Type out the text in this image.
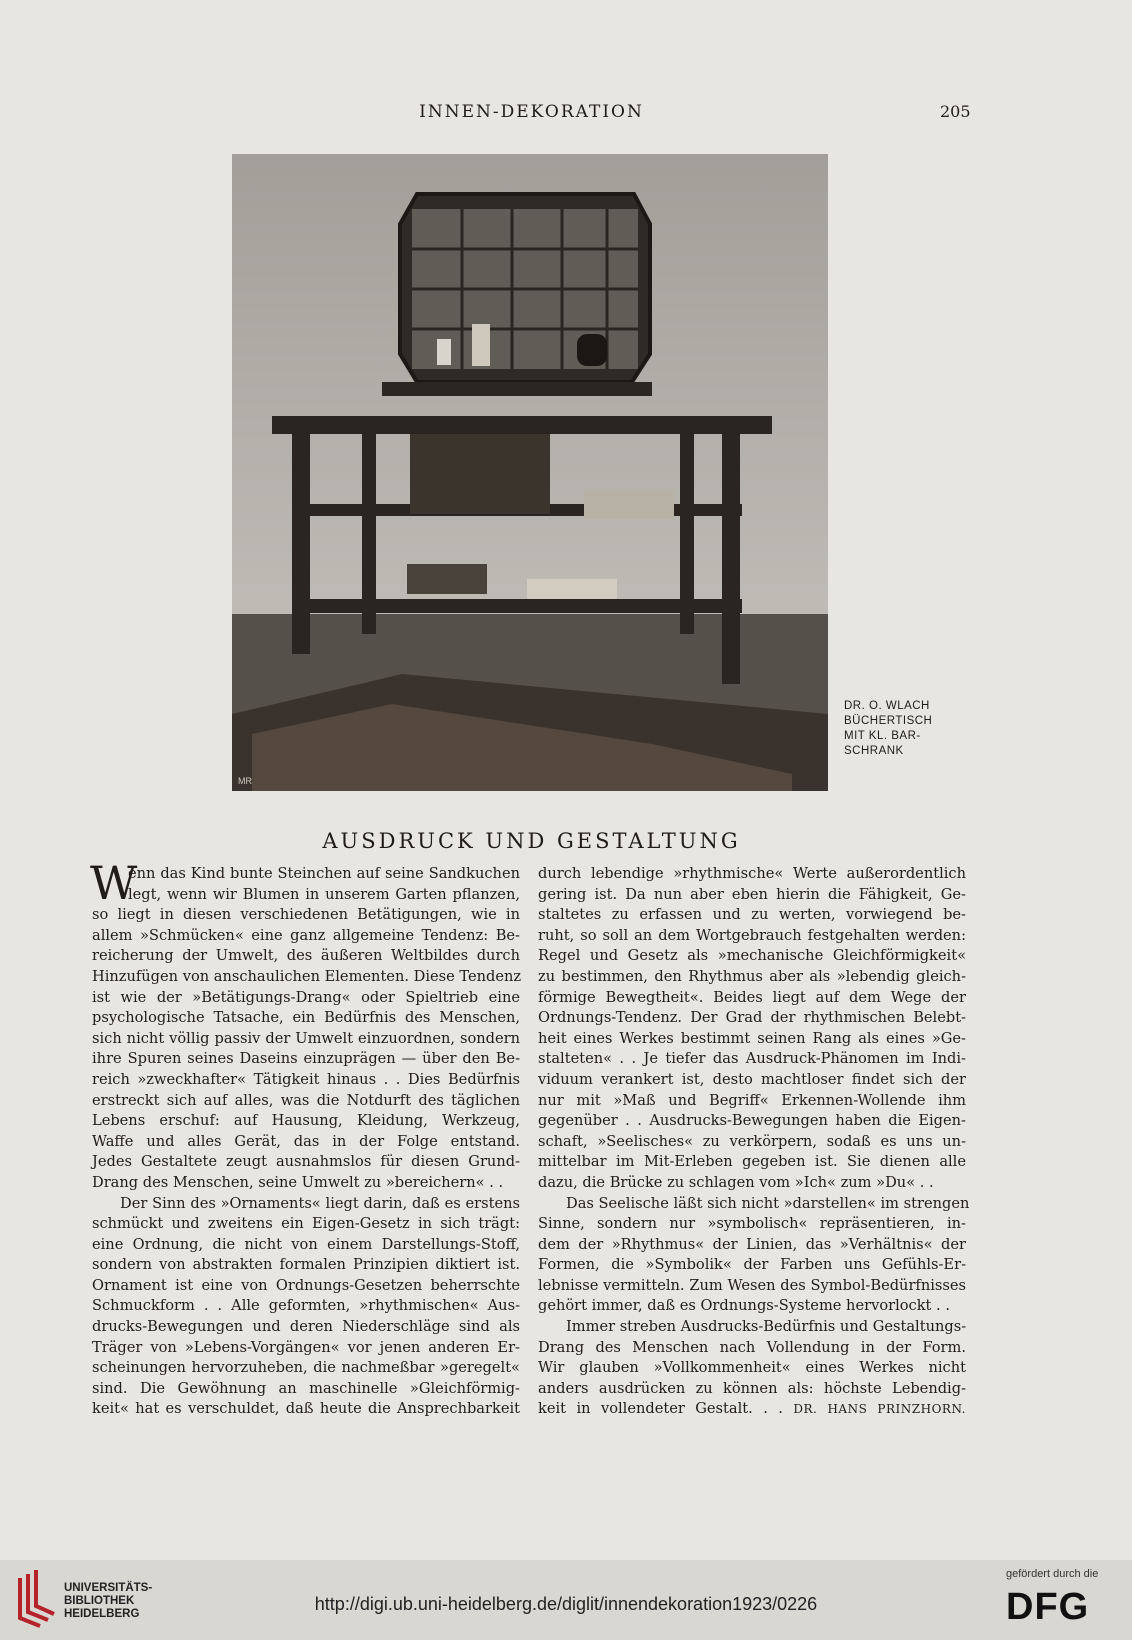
INNEN-DEKORATION	205
MR
DR. O. WLACH
BÜCHERTISCH
MIT KL. BAR-
SCHRANK
AUSDRUCK UND GESTALTUNG
W
enn das Kind bunte Steinchen auf seine Sandkuchen
legt, wenn wir Blumen in unserem Garten pflanzen,
so liegt in diesen verschiedenen Betätigungen, wie in
allem »Schmücken« eine ganz allgemeine Tendenz: Be-
reicherung der Umwelt, des äußeren Weltbildes durch
Hinzufügen von anschaulichen Elementen. Diese Tendenz
ist wie der »Betätigungs-Drang« oder Spieltrieb eine
psychologische Tatsache, ein Bedürfnis des Menschen,
sich nicht völlig passiv der Umwelt einzuordnen, sondern
ihre Spuren seines Daseins einzuprägen — über den Be-
reich »zweckhafter« Tätigkeit hinaus . . Dies Bedürfnis
erstreckt sich auf alles, was die Notdurft des täglichen
Lebens erschuf: auf Hausung, Kleidung, Werkzeug,
Waffe und alles Gerät, das in der Folge entstand.
Jedes Gestaltete zeugt ausnahmslos für diesen Grund-
Drang des Menschen, seine Umwelt zu »bereichern« . .
Der Sinn des »Ornaments« liegt darin, daß es erstens
schmückt und zweitens ein Eigen-Gesetz in sich trägt:
eine Ordnung, die nicht von einem Darstellungs-Stoff,
sondern von abstrakten formalen Prinzipien diktiert ist.
Ornament ist eine von Ordnungs-Gesetzen beherrschte
Schmuckform . . Alle geformten, »rhythmischen« Aus-
drucks-Bewegungen und deren Niederschläge sind als
Träger von »Lebens-Vorgängen« vor jenen anderen Er-
scheinungen hervorzuheben, die nachmeßbar »geregelt«
sind. Die Gewöhnung an maschinelle »Gleichförmig-
keit« hat es verschuldet, daß heute die Ansprechbarkeit
durch lebendige »rhythmische« Werte außerordentlich
gering ist. Da nun aber eben hierin die Fähigkeit, Ge-
staltetes zu erfassen und zu werten, vorwiegend be-
ruht, so soll an dem Wortgebrauch festgehalten werden:
Regel und Gesetz als »mechanische Gleichförmigkeit«
zu bestimmen, den Rhythmus aber als »lebendig gleich-
förmige Bewegtheit«. Beides liegt auf dem Wege der
Ordnungs-Tendenz. Der Grad der rhythmischen Belebt-
heit eines Werkes bestimmt seinen Rang als eines »Ge-
stalteten« . . Je tiefer das Ausdruck-Phänomen im Indi-
viduum verankert ist, desto machtloser findet sich der
nur mit »Maß und Begriff« Erkennen-Wollende ihm
gegenüber . . Ausdrucks-Bewegungen haben die Eigen-
schaft, »Seelisches« zu verkörpern, sodaß es uns un-
mittelbar im Mit-Erleben gegeben ist. Sie dienen alle
dazu, die Brücke zu schlagen vom »Ich« zum »Du« . .
Das Seelische läßt sich nicht »darstellen« im strengen
Sinne, sondern nur »symbolisch« repräsentieren, in-
dem der »Rhythmus« der Linien, das »Verhältnis« der
Formen, die »Symbolik« der Farben uns Gefühls-Er-
lebnisse vermitteln. Zum Wesen des Symbol-Bedürfnisses
gehört immer, daß es Ordnungs-Systeme hervorlockt . .
Immer streben Ausdrucks-Bedürfnis und Gestaltungs-
Drang des Menschen nach Vollendung in der Form.
Wir glauben »Vollkommenheit« eines Werkes nicht
anders ausdrücken zu können als: höchste Lebendig-
keit in vollendeter Gestalt. . . DR. HANS PRINZHORN.
UNIVERSITÄTS-
BIBLIOTHEK
HEIDELBERG	http://digi.ub.uni-heidelberg.de/diglit/innendekoration1923/0226
gefördert durch die
DFG
